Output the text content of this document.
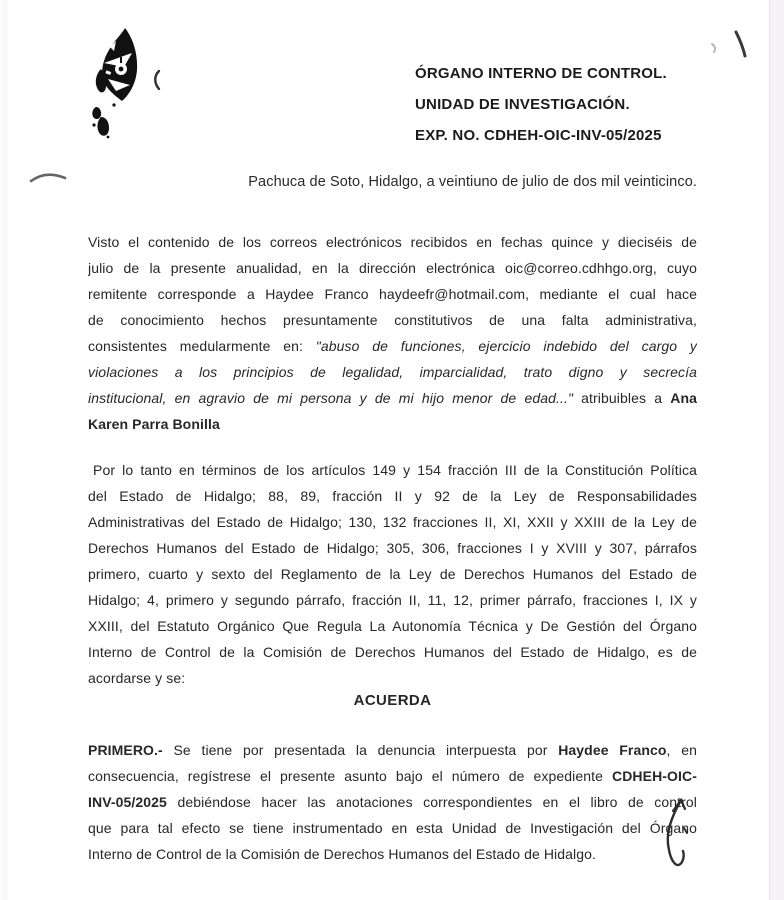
ÓRGANO INTERNO DE CONTROL.
UNIDAD DE INVESTIGACIÓN.
EXP. NO. CDHEH-OIC-INV-05/2025
Pachuca de Soto, Hidalgo, a veintiuno de julio de dos mil veinticinco.
Visto el contenido de los correos electrónicos recibidos en fechas quince y dieciséis de
julio de la presente anualidad, en la dirección electrónica oic@correo.cdhhgo.org, cuyo
remitente corresponde a Haydee Franco haydeefr@hotmail.com, mediante el cual hace
de conocimiento hechos presuntamente constitutivos de una falta administrativa,
consistentes medularmente en: "abuso de funciones, ejercicio indebido del cargo y
violaciones a los principios de legalidad, imparcialidad, trato digno y secrecía
institucional, en agravio de mi persona y de mi hijo menor de edad..." atribuibles a Ana
Karen Parra Bonilla
Por lo tanto en términos de los artículos 149 y 154 fracción III de la Constitución Política
del Estado de Hidalgo; 88, 89, fracción II y 92 de la Ley de Responsabilidades
Administrativas del Estado de Hidalgo; 130, 132 fracciones II, XI, XXII y XXIII de la Ley de
Derechos Humanos del Estado de Hidalgo; 305, 306, fracciones I y XVIII y 307, párrafos
primero, cuarto y sexto del Reglamento de la Ley de Derechos Humanos del Estado de
Hidalgo; 4, primero y segundo párrafo, fracción II, 11, 12, primer párrafo, fracciones I, IX y
XXIII, del Estatuto Orgánico Que Regula La Autonomía Técnica y De Gestión del Órgano
Interno de Control de la Comisión de Derechos Humanos del Estado de Hidalgo, es de
acordarse y se:
ACUERDA
PRIMERO.- Se tiene por presentada la denuncia interpuesta por Haydee Franco, en
consecuencia, regístrese el presente asunto bajo el número de expediente CDHEH-OIC-
INV-05/2025 debiéndose hacer las anotaciones correspondientes en el libro de control
que para tal efecto se tiene instrumentado en esta Unidad de Investigación del Órgano
Interno de Control de la Comisión de Derechos Humanos del Estado de Hidalgo.
